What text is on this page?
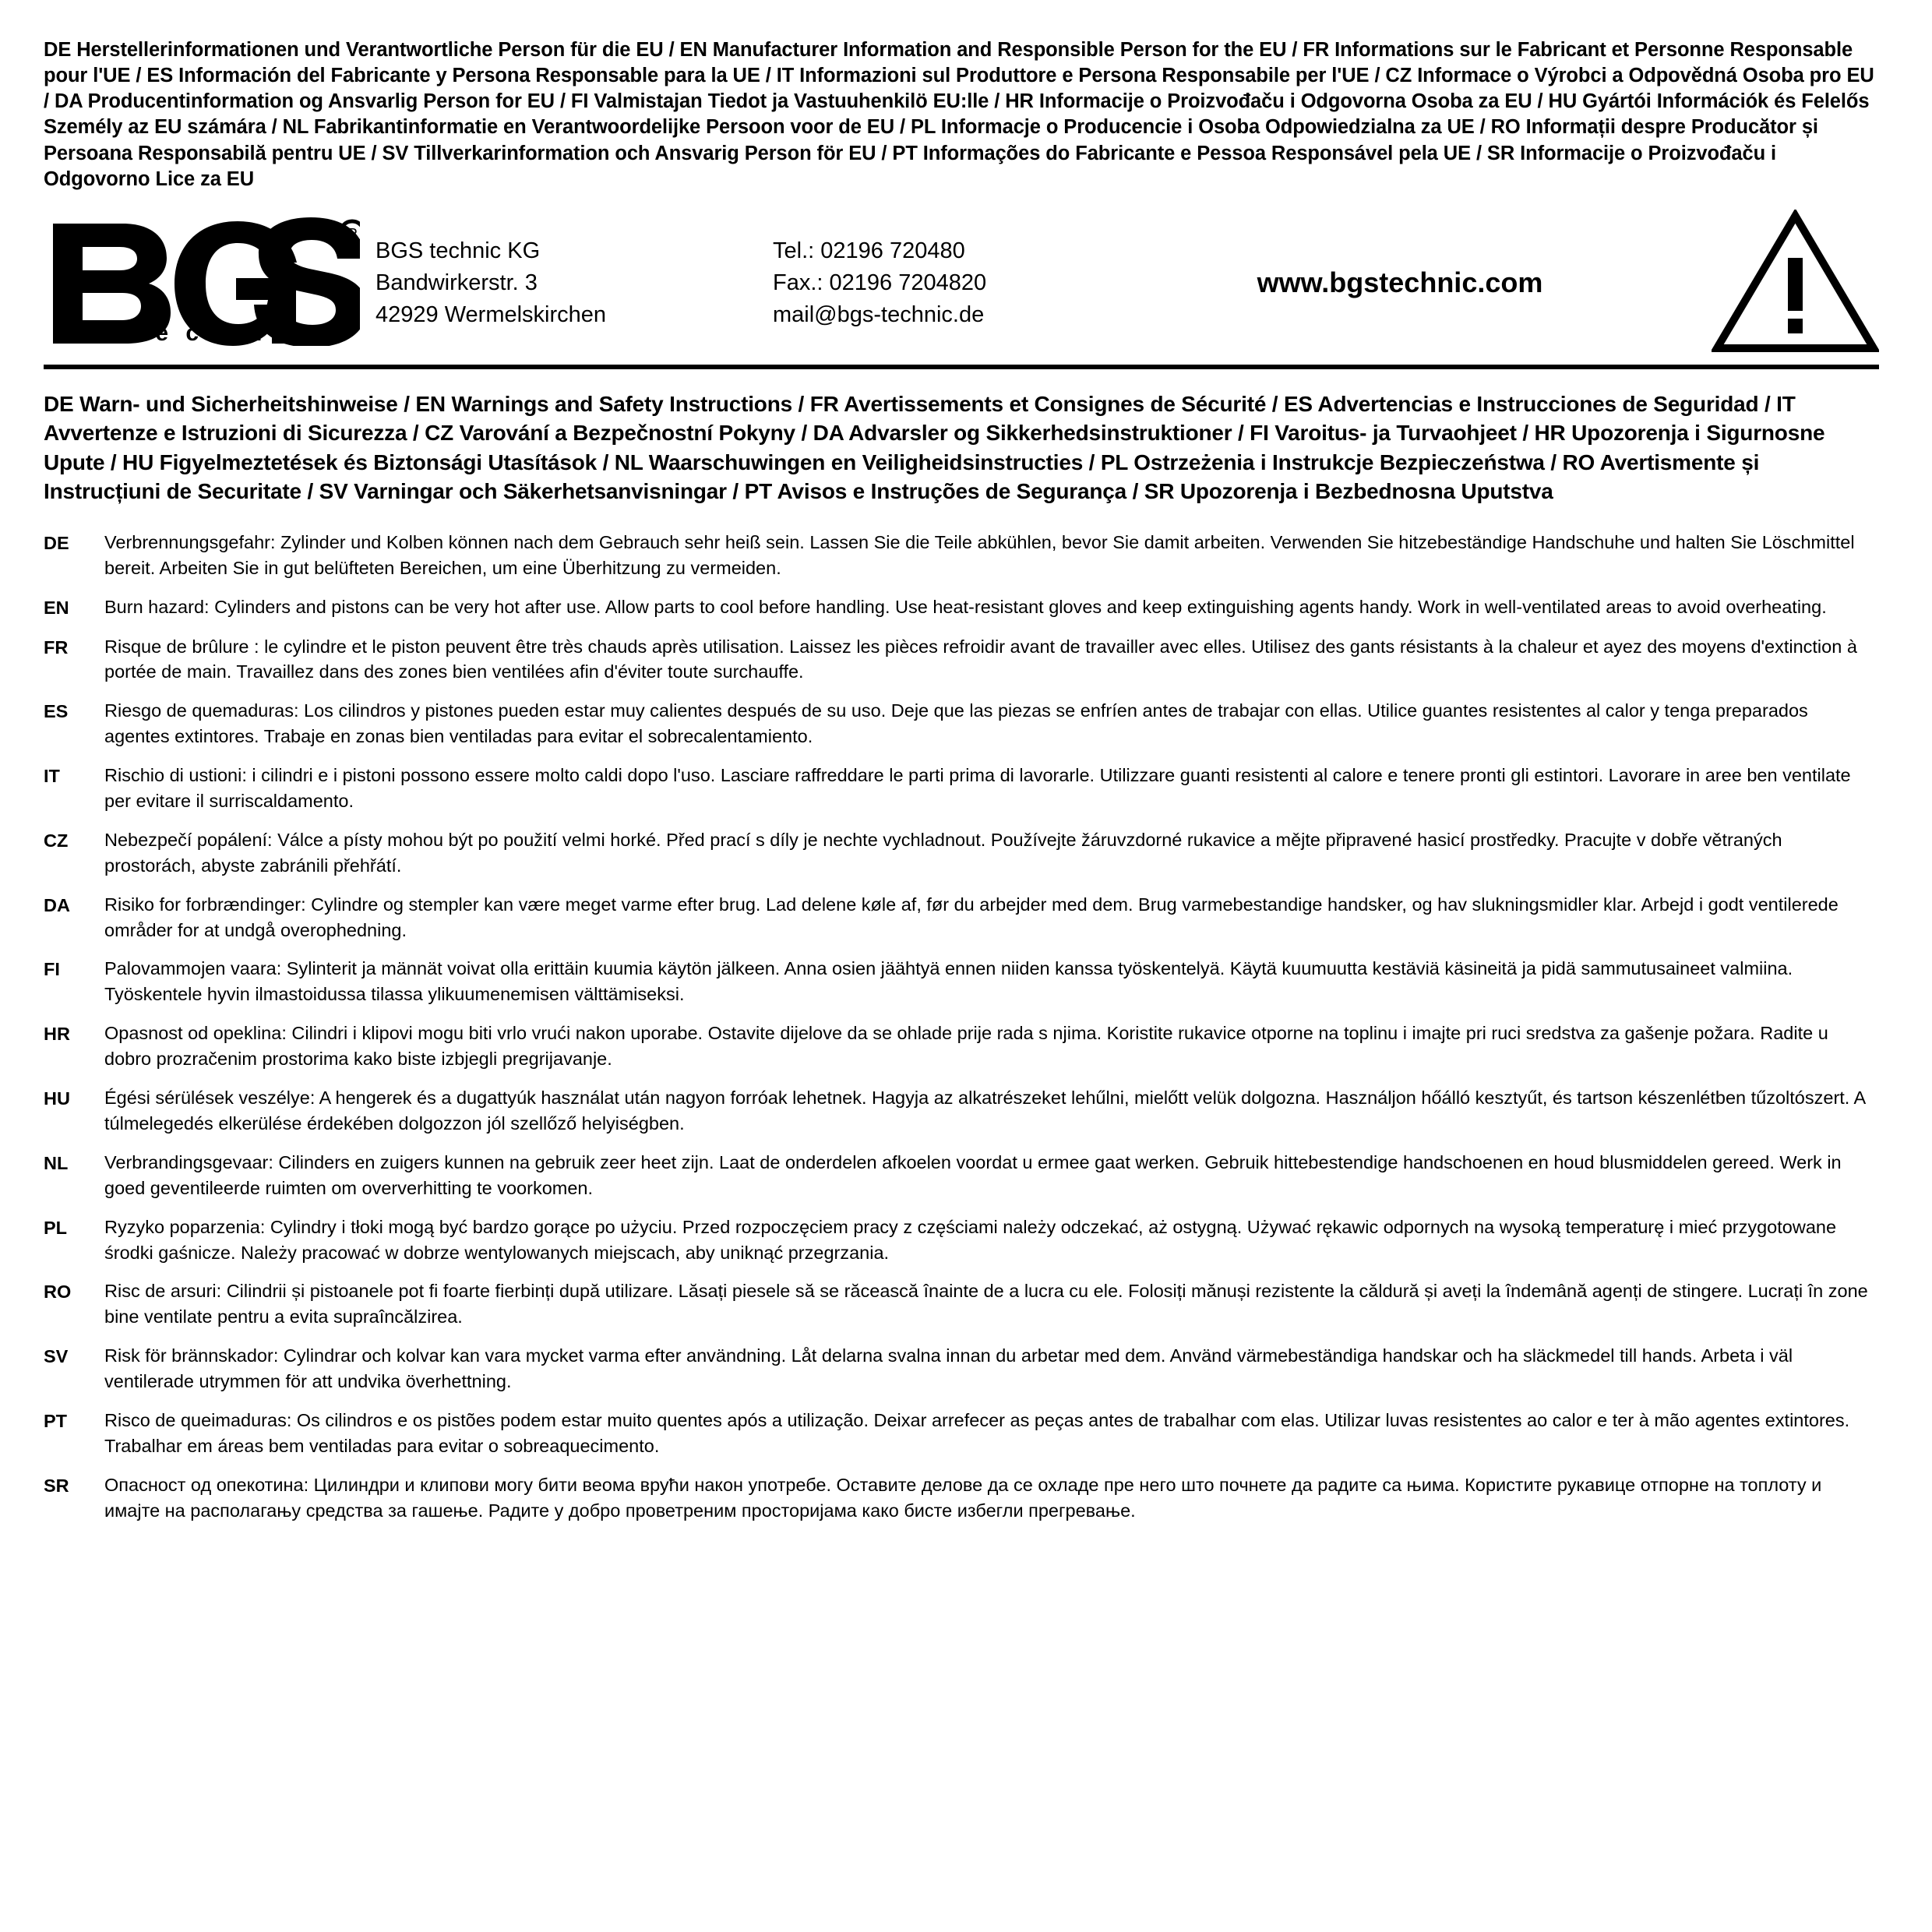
DE Herstellerinformationen und Verantwortliche Person für die EU / EN Manufacturer Information and Responsible Person for the EU / FR Informations sur le Fabricant et Personne Responsable pour l'UE / ES Información del Fabricante y Persona Responsable para la UE / IT Informazioni sul Produttore e Persona Responsabile per l'UE / CZ Informace o Výrobci a Odpovědná Osoba pro EU / DA Producentinformation og Ansvarlig Person for EU / FI Valmistajan Tiedot ja Vastuuhenkilö EU:lle / HR Informacije o Proizvođaču i Odgovorna Osoba za EU / HU Gyártói Információk és Felelős Személy az EU számára / NL Fabrikantinformatie en Verantwoordelijke Persoon voor de EU / PL Informacje o Producencie i Osoba Odpowiedzialna za UE / RO Informații despre Producător și Persoana Responsabilă pentru UE / SV Tillverkarinformation och Ansvarig Person för EU / PT Informações do Fabricante e Pessoa Responsável pela UE / SR Informacije o Proizvođaču i Odgovorno Lice za EU
R
t e c h n i c
BGS technic KG
Bandwirkerstr. 3
42929 Wermelskirchen
Tel.: 02196 720480
Fax.: 02196 7204820
mail@bgs-technic.de
www.bgstechnic.com
DE Warn- und Sicherheitshinweise / EN Warnings and Safety Instructions / FR Avertissements et Consignes de Sécurité / ES Advertencias e Instrucciones de Seguridad / IT Avvertenze e Istruzioni di Sicurezza / CZ Varování a Bezpečnostní Pokyny / DA Advarsler og Sikkerhedsinstruktioner / FI Varoitus- ja Turvaohjeet / HR Upozorenja i Sigurnosne Upute / HU Figyelmeztetések és Biztonsági Utasítások / NL Waarschuwingen en Veiligheidsinstructies / PL Ostrzeżenia i Instrukcje Bezpieczeństwa / RO Avertismente și Instrucțiuni de Securitate / SV Varningar och Säkerhetsanvisningar / PT Avisos e Instruções de Segurança / SR Upozorenja i Bezbednosna Uputstva
DE	Verbrennungsgefahr: Zylinder und Kolben können nach dem Gebrauch sehr heiß sein. Lassen Sie die Teile abkühlen, bevor Sie damit arbeiten. Verwenden Sie hitzebeständige Handschuhe und halten Sie Löschmittel bereit. Arbeiten Sie in gut belüfteten Bereichen, um eine Überhitzung zu vermeiden.
EN	Burn hazard: Cylinders and pistons can be very hot after use. Allow parts to cool before handling. Use heat-resistant gloves and keep extinguishing agents handy. Work in well-ventilated areas to avoid overheating.
FR	Risque de brûlure : le cylindre et le piston peuvent être très chauds après utilisation. Laissez les pièces refroidir avant de travailler avec elles. Utilisez des gants résistants à la chaleur et ayez des moyens d'extinction à portée de main. Travaillez dans des zones bien ventilées afin d'éviter toute surchauffe.
ES	Riesgo de quemaduras: Los cilindros y pistones pueden estar muy calientes después de su uso. Deje que las piezas se enfríen antes de trabajar con ellas. Utilice guantes resistentes al calor y tenga preparados agentes extintores. Trabaje en zonas bien ventiladas para evitar el sobrecalentamiento.
IT	Rischio di ustioni: i cilindri e i pistoni possono essere molto caldi dopo l'uso. Lasciare raffreddare le parti prima di lavorarle. Utilizzare guanti resistenti al calore e tenere pronti gli estintori. Lavorare in aree ben ventilate per evitare il surriscaldamento.
CZ	Nebezpečí popálení: Válce a písty mohou být po použití velmi horké. Před prací s díly je nechte vychladnout. Používejte žáruvzdorné rukavice a mějte připravené hasicí prostředky. Pracujte v dobře větraných prostorách, abyste zabránili přehřátí.
DA	Risiko for forbrændinger: Cylindre og stempler kan være meget varme efter brug. Lad delene køle af, før du arbejder med dem. Brug varmebestandige handsker, og hav slukningsmidler klar. Arbejd i godt ventilerede områder for at undgå overophedning.
FI	Palovammojen vaara: Sylinterit ja männät voivat olla erittäin kuumia käytön jälkeen. Anna osien jäähtyä ennen niiden kanssa työskentelyä. Käytä kuumuutta kestäviä käsineitä ja pidä sammutusaineet valmiina. Työskentele hyvin ilmastoidussa tilassa ylikuumenemisen välttämiseksi.
HR	Opasnost od opeklina: Cilindri i klipovi mogu biti vrlo vrući nakon uporabe. Ostavite dijelove da se ohlade prije rada s njima. Koristite rukavice otporne na toplinu i imajte pri ruci sredstva za gašenje požara. Radite u dobro prozračenim prostorima kako biste izbjegli pregrijavanje.
HU	Égési sérülések veszélye: A hengerek és a dugattyúk használat után nagyon forróak lehetnek. Hagyja az alkatrészeket lehűlni, mielőtt velük dolgozna. Használjon hőálló kesztyűt, és tartson készenlétben tűzoltószert. A túlmelegedés elkerülése érdekében dolgozzon jól szellőző helyiségben.
NL	Verbrandingsgevaar: Cilinders en zuigers kunnen na gebruik zeer heet zijn. Laat de onderdelen afkoelen voordat u ermee gaat werken. Gebruik hittebestendige handschoenen en houd blusmiddelen gereed. Werk in goed geventileerde ruimten om oververhitting te voorkomen.
PL	Ryzyko poparzenia: Cylindry i tłoki mogą być bardzo gorące po użyciu. Przed rozpoczęciem pracy z częściami należy odczekać, aż ostygną. Używać rękawic odpornych na wysoką temperaturę i mieć przygotowane środki gaśnicze. Należy pracować w dobrze wentylowanych miejscach, aby uniknąć przegrzania.
RO	Risc de arsuri: Cilindrii și pistoanele pot fi foarte fierbinți după utilizare. Lăsați piesele să se răcească înainte de a lucra cu ele. Folosiți mănuși rezistente la căldură și aveți la îndemână agenți de stingere. Lucrați în zone bine ventilate pentru a evita supraîncălzirea.
SV	Risk för brännskador: Cylindrar och kolvar kan vara mycket varma efter användning. Låt delarna svalna innan du arbetar med dem. Använd värmebeständiga handskar och ha släckmedel till hands. Arbeta i väl ventilerade utrymmen för att undvika överhettning.
PT	Risco de queimaduras: Os cilindros e os pistões podem estar muito quentes após a utilização. Deixar arrefecer as peças antes de trabalhar com elas. Utilizar luvas resistentes ao calor e ter à mão agentes extintores. Trabalhar em áreas bem ventiladas para evitar o sobreaquecimento.
SR	Опасност од опекотина: Цилиндри и клипови могу бити веома врући након употребе. Оставите делове да се охладе пре него што почнете да радите са њима. Користите рукавице отпорне на топлоту и имајте на располагању средства за гашење. Радите у добро проветреним просторијама како бисте избегли прегревање.
